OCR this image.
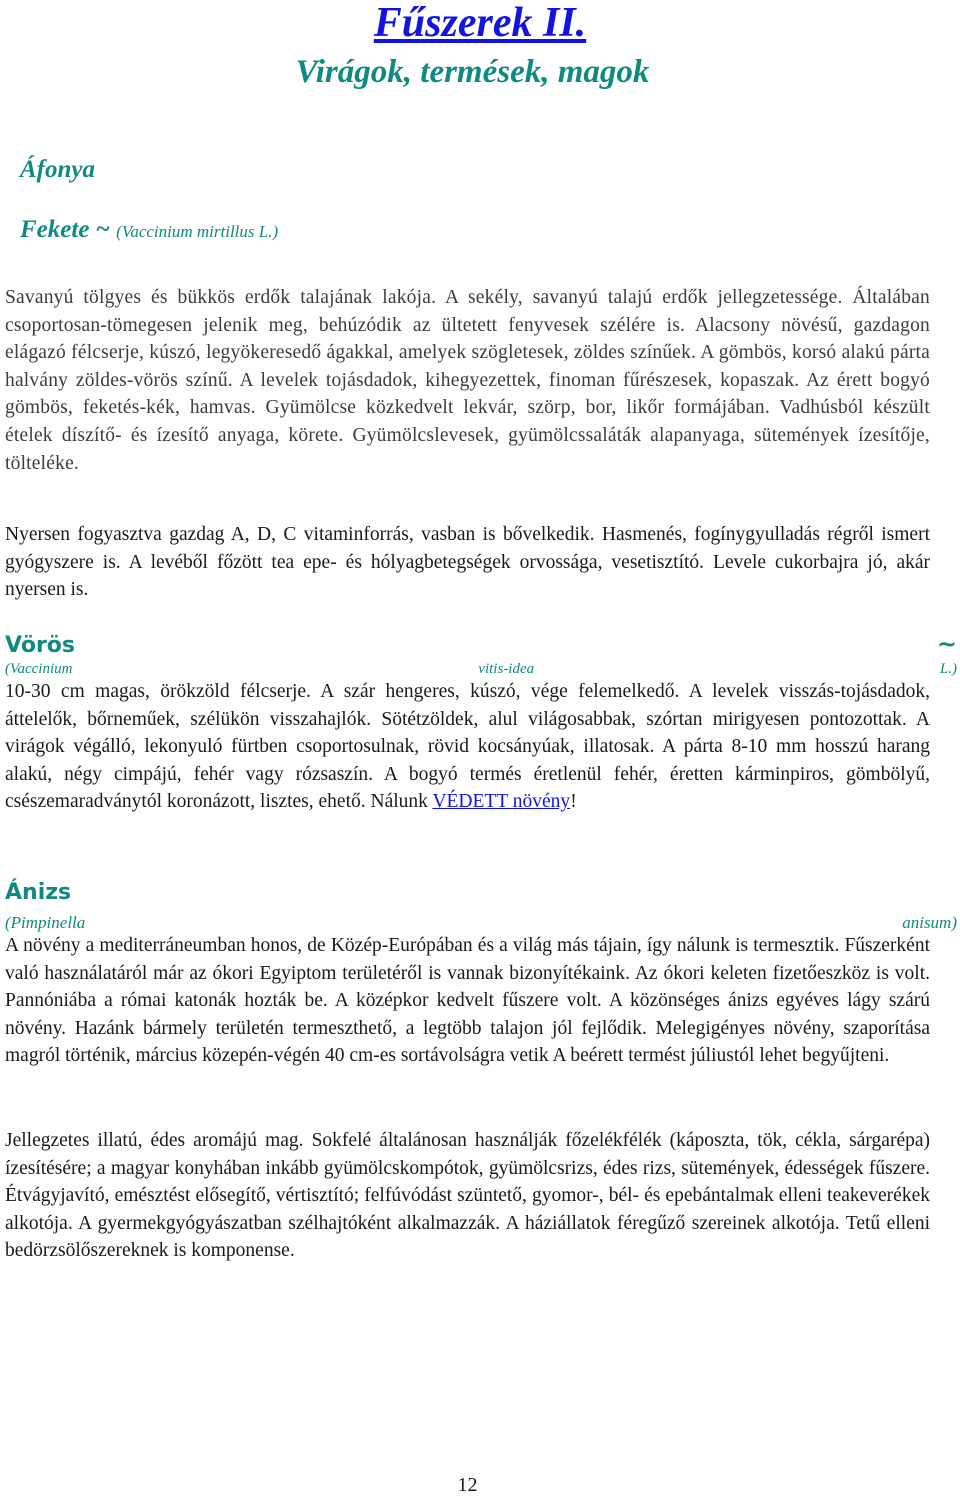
Fűszerek II.
Virágok, termések, magok
Áfonya
Fekete ~ (Vaccinium mirtillus L.)

Savanyú tölgyes és bükkös erdők talajának lakója. A sekély, savanyú talajú erdők jellegzetessége. Általában csoportosan-tömegesen jelenik meg, behúzódik az ültetett fenyvesek szélére is. Alacsony növésű, gazdagon elágazó félcserje, kúszó, legyökeresedő ágakkal, amelyek szögletesek, zöldes színűek. A gömbös, korsó alakú párta halvány zöldes-vörös színű. A levelek tojásdadok, kihegyezettek, finoman fűrészesek, kopaszak. Az érett bogyó gömbös, feketés-kék, hamvas. Gyümölcse közkedvelt lekvár, szörp, bor, likőr formájában. Vadhúsból készült ételek díszítő- és ízesítő anyaga, körete. Gyümölcslevesek, gyümölcssaláták alapanyaga, sütemények ízesítője, töltelékе.

Nyersen fogyasztva gazdag A, D, C vitaminforrás, vasban is bővelkedik. Hasmenés, fogínygyulladás régről ismert gyógyszere is. A levéből főzött tea epe- és hólyagbetegségek orvossága, vesetisztító. Levele cukorbajra jó, akár nyersen is.

Vörös	~
(Vaccinium	vitis-idea	L.)

10-30 cm magas, örökzöld félcserje. A szár hengeres, kúszó, vége felemelkedő. A levelek visszás-tojásdadok, áttelelők, bőrneműek, szélükön visszahajlók. Sötétzöldek, alul világosabbak, szórtan mirigyesen pontozottak. A virágok végálló, lekonyuló fürtben csoportosulnak, rövid kocsányúak, illatosak. A párta 8-10 mm hosszú harang alakú, négy cimpájú, fehér vagy rózsaszín. A bogyó termés éretlenül fehér, éretten kárminpiros, gömbölyű, csészemaradványtól koronázott, lisztes, ehető. Nálunk VÉDETT növény!

Ánizs
(Pimpinella	anisum)

A növény a mediterráneumban honos, de Közép-Európában és a világ más tájain, így nálunk is termesztik. Fűszerként való használatáról már az ókori Egyiptom területéről is vannak bizonyítékaink. Az ókori keleten fizetőeszköz is volt. Pannóniába a római katonák hozták be. A középkor kedvelt fűszere volt. A közönséges ánizs egyéves lágy szárú növény. Hazánk bármely területén termeszthető, a legtöbb talajon jól fejlődik. Melegigényes növény, szaporítása magról történik, március közepén-végén 40 cm-es sortávolságra vetik A beérett termést júliustól lehet begyűjteni.

Jellegzetes illatú, édes aromájú mag. Sokfelé általánosan használják főzelékfélék (káposzta, tök, cékla, sárgarépa) ízesítésére; a magyar konyhában inkább gyümölcskompótok, gyümölcsrizs, édes rizs, sütemények, édességek fűszere. Étvágyjavító, emésztést elősegítő, vértisztító; felfúvódást szüntető, gyomor-, bél- és epebántalmak elleni teakeverékek alkotója. A gyermekgyógyászatban szélhajtóként alkalmazzák. A háziállatok féregűző szereinek alkotója. Tetű elleni bedörzsölőszereknek is komponense.

12
